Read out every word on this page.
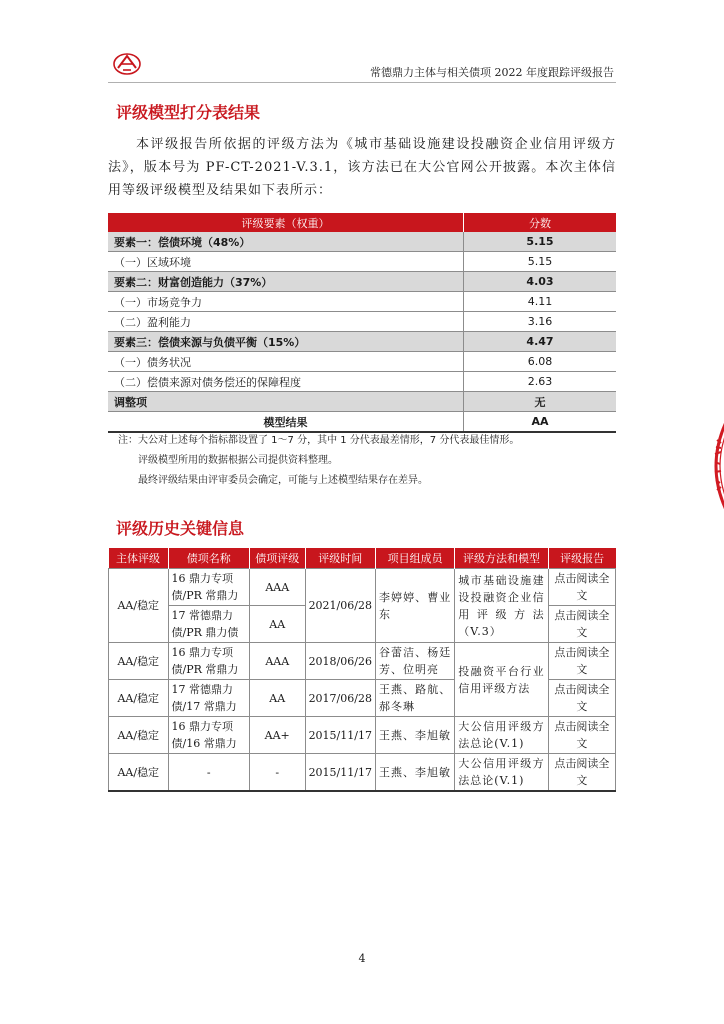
常德鼎力主体与相关债项 2022 年度跟踪评级报告
评级模型打分表结果
本评级报告所依据的评级方法为《城市基础设施建设投融资企业信用评级方法》，版本号为 PF-CT-2021-V.3.1，该方法已在大公官网公开披露。本次主体信用等级评级模型及结果如下表所示：
评级要素（权重）	分数
要素一：偿债环境（48%）	5.15
（一）区域环境	5.15
要素二：财富创造能力（37%）	4.03
（一）市场竞争力	4.11
（二）盈利能力	3.16
要素三：偿债来源与负债平衡（15%）	4.47
（一）债务状况	6.08
（二）偿债来源对债务偿还的保障程度	2.63
调整项	无
模型结果	AA
注：大公对上述每个指标都设置了 1～7 分，其中 1 分代表最差情形，7 分代表最佳情形。
评级模型所用的数据根据公司提供资料整理。
最终评级结果由评审委员会确定，可能与上述模型结果存在差异。
评级历史关键信息
主体评级	债项名称	债项评级	评级时间	项目组成员	评级方法和模型	评级报告
AA/稳定	16 鼎力专项债/PR 常鼎力	AAA	2021/06/28	李婷婷、曹业东	城市基础设施建设投融资企业信用评级方法（V.3）	点击阅读全文
	17 常德鼎力债/PR 鼎力债	AA				点击阅读全文
AA/稳定	16 鼎力专项债/PR 常鼎力	AAA	2018/06/26	谷蕾洁、杨廷芳、位明亮	投融资平台行业信用评级方法	点击阅读全文
AA/稳定	17 常德鼎力债/17 常鼎力	AA	2017/06/28	王燕、路航、郝冬琳		点击阅读全文
AA/稳定	16 鼎力专项债/16 常鼎力	AA+	2015/11/17	王燕、李旭敏	大公信用评级方法总论(V.1)	点击阅读全文
AA/稳定	-	-	2015/11/17	王燕、李旭敏	大公信用评级方法总论(V.1)	点击阅读全文
4
